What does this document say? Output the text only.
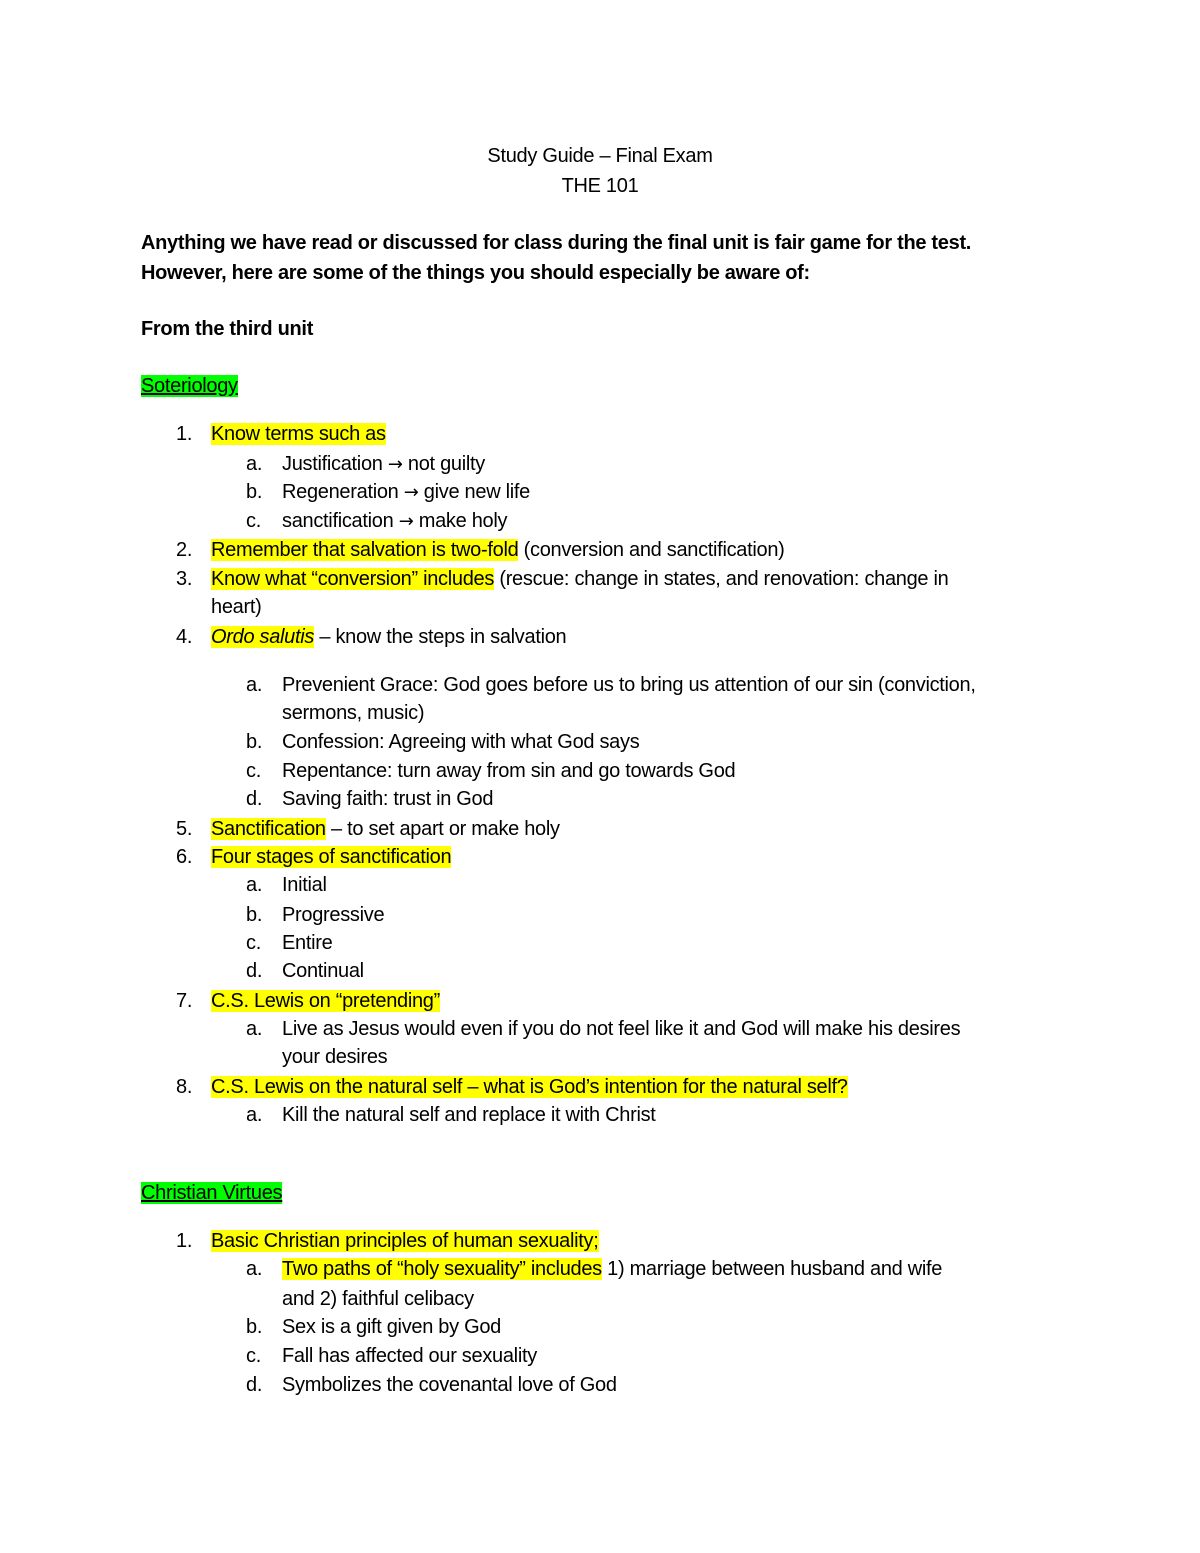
Study Guide – Final Exam
THE 101
Anything we have read or discussed for class during the final unit is fair game for the test.
However, here are some of the things you should especially be aware of:
From the third unit
Soteriology
1. Know terms such as
a. Justification → not guilty
b. Regeneration → give new life
c. sanctification → make holy
2. Remember that salvation is two-fold (conversion and sanctification)
3. Know what “conversion” includes (rescue: change in states, and renovation: change in
heart)
4. Ordo salutis – know the steps in salvation
a. Prevenient Grace: God goes before us to bring us attention of our sin (conviction,
sermons, music)
b. Confession: Agreeing with what God says
c. Repentance: turn away from sin and go towards God
d. Saving faith: trust in God
5. Sanctification – to set apart or make holy
6. Four stages of sanctification
a. Initial
b. Progressive
c. Entire
d. Continual
7. C.S. Lewis on “pretending”
a. Live as Jesus would even if you do not feel like it and God will make his desires
your desires
8. C.S. Lewis on the natural self – what is God’s intention for the natural self?
a. Kill the natural self and replace it with Christ
Christian Virtues
1. Basic Christian principles of human sexuality;
a. Two paths of “holy sexuality” includes 1) marriage between husband and wife
and 2) faithful celibacy
b. Sex is a gift given by God
c. Fall has affected our sexuality
d. Symbolizes the covenantal love of God
